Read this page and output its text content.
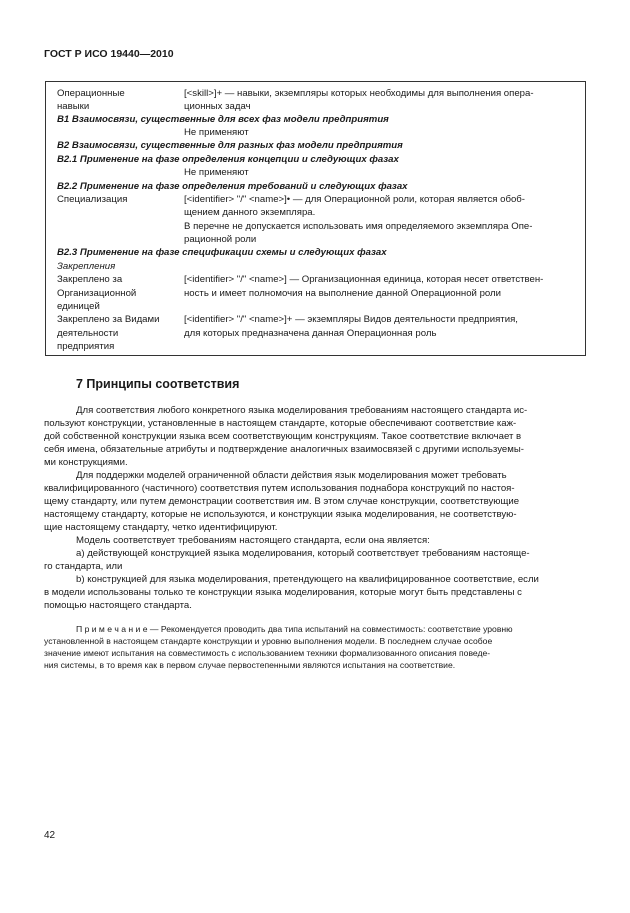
ГОСТ Р ИСО 19440—2010
Операционные
навыки
[<skill>]+ — навыки, экземпляры которых необходимы для выполнения опера-
ционных задач
В1 Взаимосвязи, существенные для всех фаз модели предприятия
Не применяют
В2 Взаимосвязи, существенные для разных фаз модели предприятия
В2.1 Применение на фазе определения концепции и следующих фазах
Не применяют
В2.2 Применение на фазе определения требований и следующих фазах
Специализация	[<identifier> "/" <name>]• — для Операционной роли, которая является обоб-
щением данного экземпляра.
В перечне не допускается использовать имя определяемого экземпляра Опе-
рационной роли
В2.3 Применение на фазе спецификации схемы и следующих фазах
Закрепления
Закреплено за
Организационной
единицей
[<identifier> "/" <name>] — Организационная единица, которая несет ответствен-
ность и имеет полномочия на выполнение данной Операционной роли
Закреплено за Видами
деятельности
предприятия
[<identifier> "/" <name>]+ — экземпляры Видов деятельности предприятия,
для которых предназначена данная Операционная роль
7 Принципы соответствия
Для соответствия любого конкретного языка моделирования требованиям настоящего стандарта ис-
пользуют конструкции, установленные в настоящем стандарте, которые обеспечивают соответствие каж-
дой собственной конструкции языка всем соответствующим конструкциям. Такое соответствие включает в
себя имена, обязательные атрибуты и подтверждение аналогичных взаимосвязей с другими используемы-
ми конструкциями.
Для поддержки моделей ограниченной области действия язык моделирования может требовать
квалифицированного (частичного) соответствия путем использования поднабора конструкций по настоя-
щему стандарту, или путем демонстрации соответствия им. В этом случае конструкции, соответствующие
настоящему стандарту, которые не используются, и конструкции языка моделирования, не соответствую-
щие настоящему стандарту, четко идентифицируют.
Модель соответствует требованиям настоящего стандарта, если она является:
а) действующей конструкцией языка моделирования, который соответствует требованиям настояще-
го стандарта, или
b) конструкцией для языка моделирования, претендующего на квалифицированное соответствие, если
в модели использованы только те конструкции языка моделирования, которые могут быть представлены с
помощью настоящего стандарта.
П р и м е ч а н и е — Рекомендуется проводить два типа испытаний на совместимость: соответствие уровню
установленной в настоящем стандарте конструкции и уровню выполнения модели. В последнем случае особое
значение имеют испытания на совместимость с использованием техники формализованного описания поведе-
ния системы, в то время как в первом случае первостепенными являются испытания на соответствие.
42
